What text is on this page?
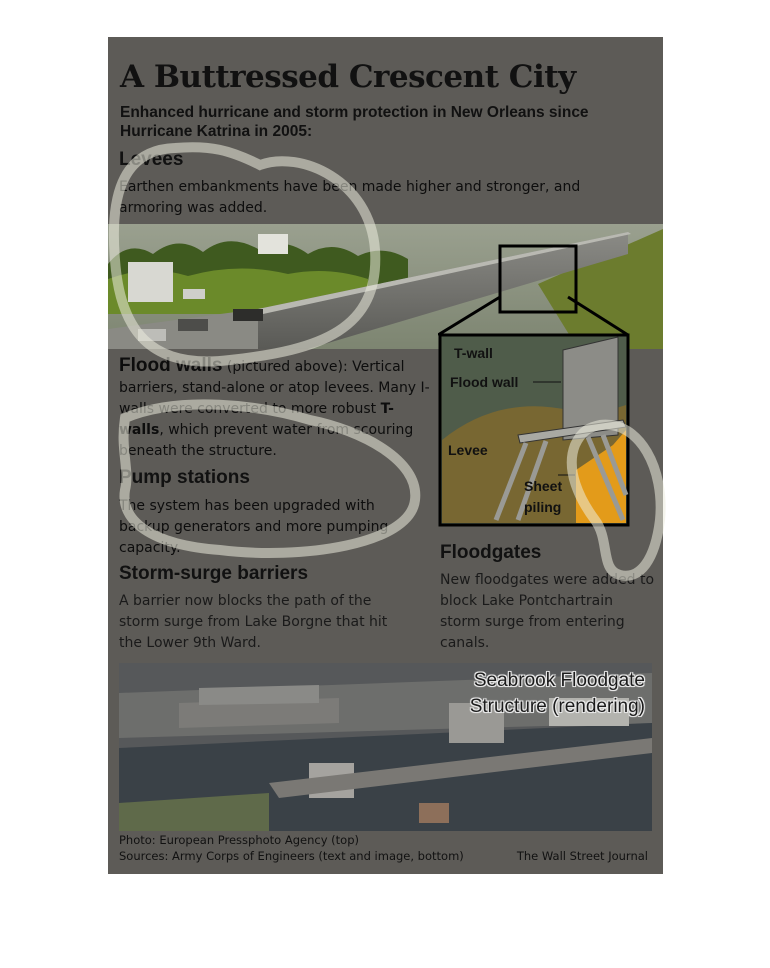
A Buttressed Crescent City
Enhanced hurricane and storm protection in New Orleans since Hurricane Katrina in 2005:
Levees
Earthen embankments have been made higher and stronger, and armoring was added.
Flood walls (pictured above): Vertical barriers, stand-alone or atop levees. Many I-walls were converted to more robust T-walls, which prevent water from scouring beneath the structure.
Pump stations
The system has been upgraded with backup generators and more pumping capacity.
Storm-surge barriers
A barrier now blocks the path of the storm surge from Lake Borgne that hit the Lower 9th Ward.
Floodgates
New floodgates were added to block Lake Pontchartrain storm surge from entering canals.
T-wall
Flood wall
Levee
Sheet
piling
Seabrook Floodgate
Structure (rendering)
Photo: European Pressphoto Agency (top)
Sources: Army Corps of Engineers (text and image, bottom)	The Wall Street Journal
